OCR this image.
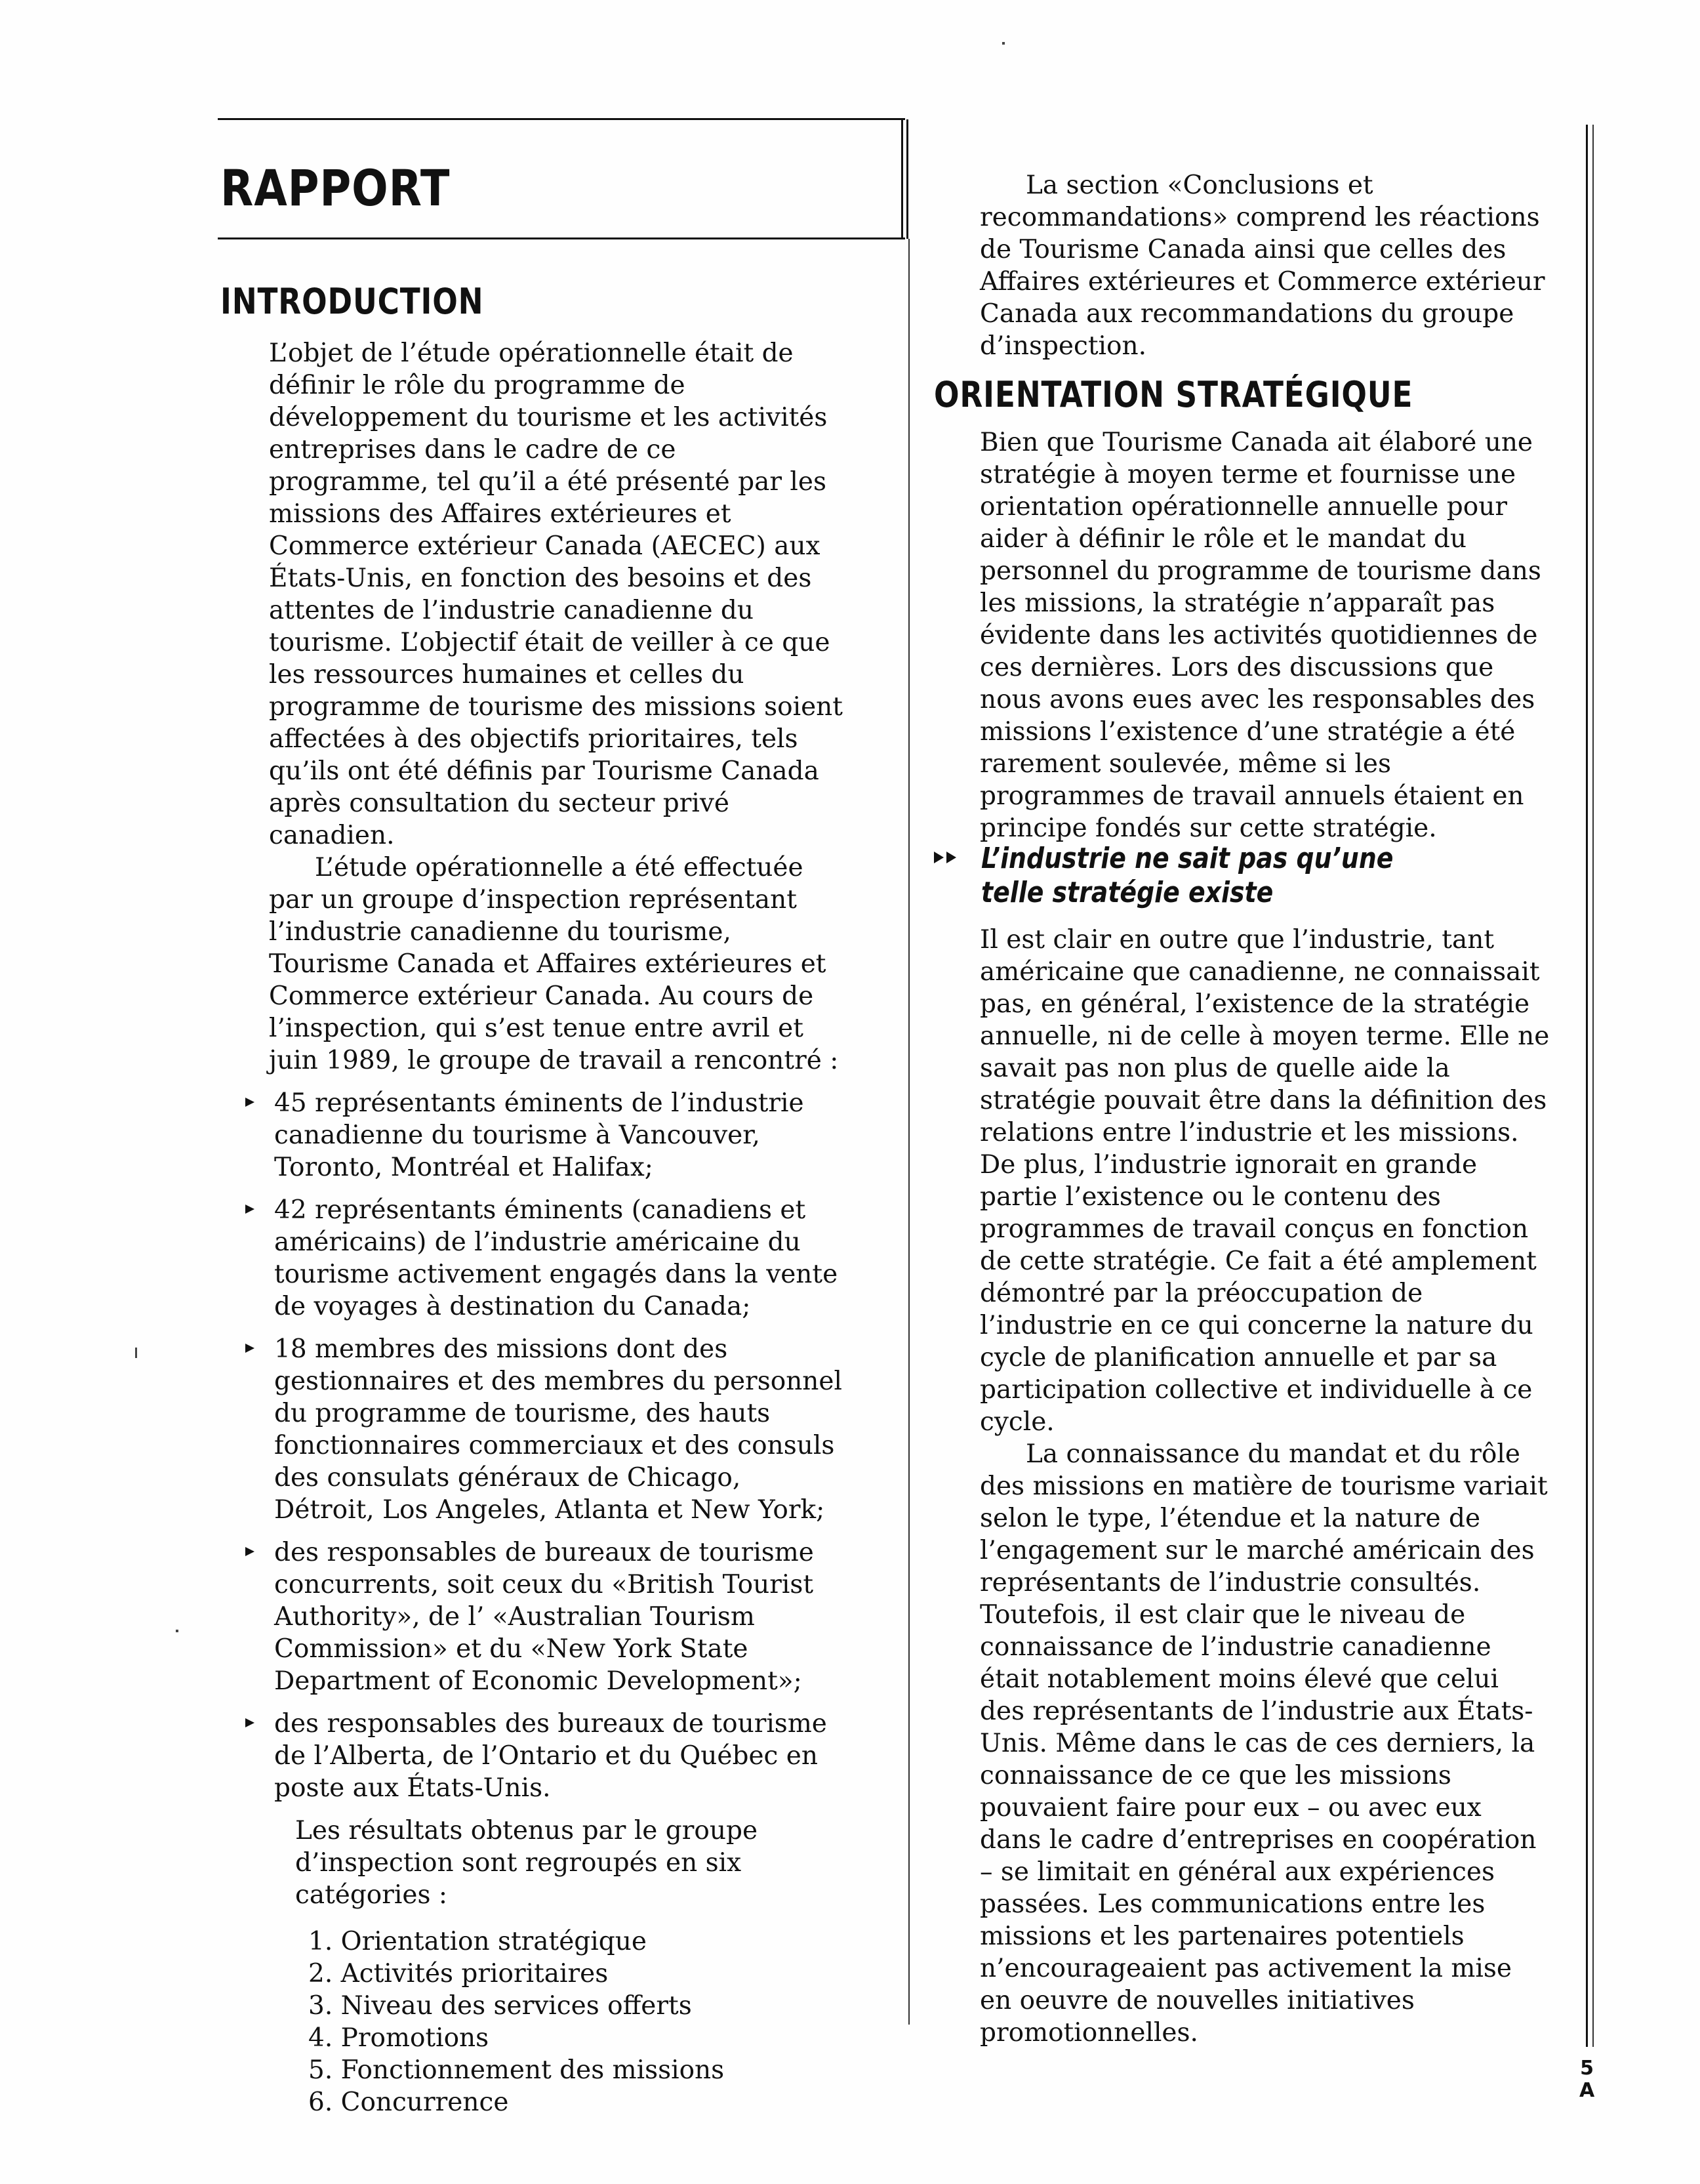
RAPPORT
INTRODUCTION

L’objet de l’étude opérationnelle était de définir le rôle du programme de développement du tourisme et les activités entreprises dans le cadre de ce programme, tel qu’il a été présenté par les missions des Affaires extérieures et Commerce extérieur Canada (AECEC) aux États-Unis, en fonction des besoins et des attentes de l’industrie canadienne du tourisme. L’objectif était de veiller à ce que les ressources humaines et celles du programme de tourisme des missions soient affectées à des objectifs prioritaires, tels qu’ils ont été définis par Tourisme Canada après consultation du secteur privé canadien.

L’étude opérationnelle a été effectuée par un groupe d’inspection représentant l’industrie canadienne du tourisme, Tourisme Canada et Affaires extérieures et Commerce extérieur Canada. Au cours de l’inspection, qui s’est tenue entre avril et juin 1989, le groupe de travail a rencontré :

45 représentants éminents de l’industrie canadienne du tourisme à Vancouver, Toronto, Montréal et Halifax;
42 représentants éminents (canadiens et américains) de l’industrie américaine du tourisme activement engagés dans la vente de voyages à destination du Canada;
18 membres des missions dont des gestionnaires et des membres du personnel du programme de tourisme, des hauts fonctionnaires commerciaux et des consuls des consulats généraux de Chicago, Détroit, Los Angeles, Atlanta et New York;
des responsables de bureaux de tourisme concurrents, soit ceux du «British Tourist Authority», de l’ «Australian Tourism Commission» et du «New York State Department of Economic Development»;
des responsables des bureaux de tourisme de l’Alberta, de l’Ontario et du Québec en poste aux États-Unis.

Les résultats obtenus par le groupe d’inspection sont regroupés en six catégories :

1. Orientation stratégique
2. Activités prioritaires
3. Niveau des services offerts
4. Promotions
5. Fonctionnement des missions
6. Concurrence

La section «Conclusions et recommandations» comprend les réactions de Tourisme Canada ainsi que celles des Affaires extérieures et Commerce extérieur Canada aux recommandations du groupe d’inspection.

ORIENTATION STRATÉGIQUE

Bien que Tourisme Canada ait élaboré une stratégie à moyen terme et fournisse une orientation opérationnelle annuelle pour aider à définir le rôle et le mandat du personnel du programme de tourisme dans les missions, la stratégie n’apparaît pas évidente dans les activités quotidiennes de ces dernières. Lors des discussions que nous avons eues avec les responsables des missions l’existence d’une stratégie a été rarement soulevée, même si les programmes de travail annuels étaient en principe fondés sur cette stratégie.

L’industrie ne sait pas qu’une
telle stratégie existe

Il est clair en outre que l’industrie, tant américaine que canadienne, ne connaissait pas, en général, l’existence de la stratégie annuelle, ni de celle à moyen terme. Elle ne savait pas non plus de quelle aide la stratégie pouvait être dans la définition des relations entre l’industrie et les missions. De plus, l’industrie ignorait en grande partie l’existence ou le contenu des programmes de travail conçus en fonction de cette stratégie. Ce fait a été amplement démontré par la préoccupation de l’industrie en ce qui concerne la nature du cycle de planification annuelle et par sa participation collective et individuelle à ce cycle.

La connaissance du mandat et du rôle des missions en matière de tourisme variait selon le type, l’étendue et la nature de l’engagement sur le marché américain des représentants de l’industrie consultés. Toutefois, il est clair que le niveau de connaissance de l’industrie canadienne était notablement moins élevé que celui des représentants de l’industrie aux États-Unis. Même dans le cas de ces derniers, la connaissance de ce que les missions pouvaient faire pour eux – ou avec eux dans le cadre d’entreprises en coopération – se limitait en général aux expériences passées. Les communications entre les missions et les partenaires potentiels n’encourageaient pas activement la mise en oeuvre de nouvelles initiatives promotionnelles.

5
A
